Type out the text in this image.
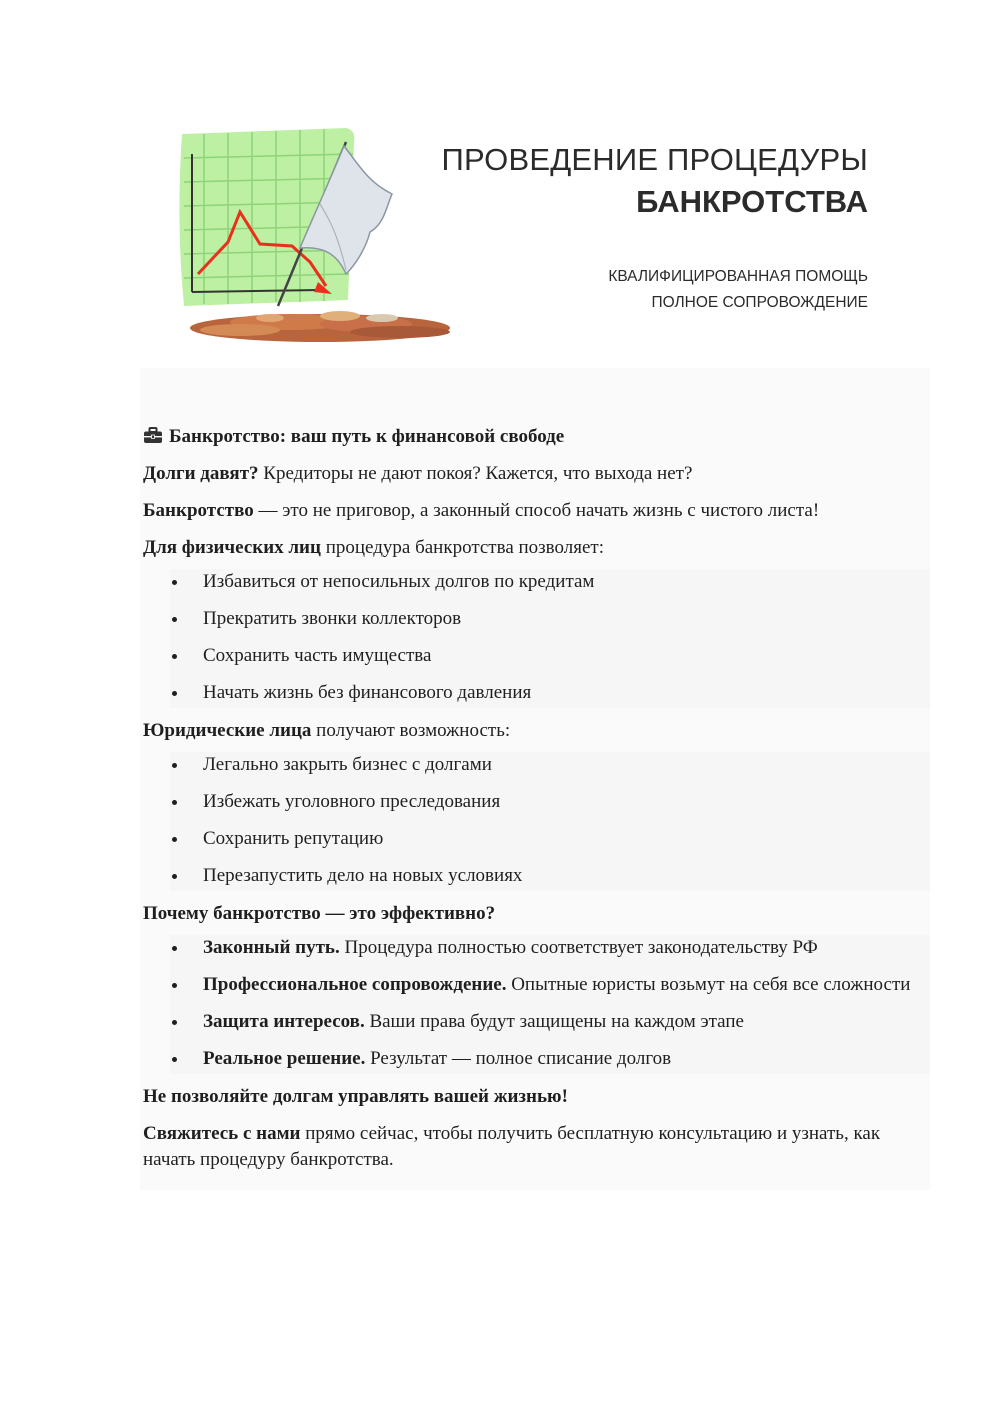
ПРОВЕДЕНИЕ ПРОЦЕДУРЫ
БАНКРОТСТВА
КВАЛИФИЦИРОВАННАЯ ПОМОЩЬ
ПОЛНОЕ СОПРОВОЖДЕНИЕ

Банкротство: ваш путь к финансовой свободе

Долги давят? Кредиторы не дают покоя? Кажется, что выхода нет?

Банкротство — это не приговор, а законный способ начать жизнь с чистого листа!

Для физических лиц процедура банкротства позволяет:

Избавиться от непосильных долгов по кредитам
Прекратить звонки коллекторов
Сохранить часть имущества
Начать жизнь без финансового давления

Юридические лица получают возможность:

Легально закрыть бизнес с долгами
Избежать уголовного преследования
Сохранить репутацию
Перезапустить дело на новых условиях

Почему банкротство — это эффективно?

Законный путь. Процедура полностью соответствует законодательству РФ
Профессиональное сопровождение. Опытные юристы возьмут на себя все сложности
Защита интересов. Ваши права будут защищены на каждом этапе
Реальное решение. Результат — полное списание долгов

Не позволяйте долгам управлять вашей жизнью!

Свяжитесь с нами прямо сейчас, чтобы получить бесплатную консультацию и узнать, как начать процедуру банкротства.
